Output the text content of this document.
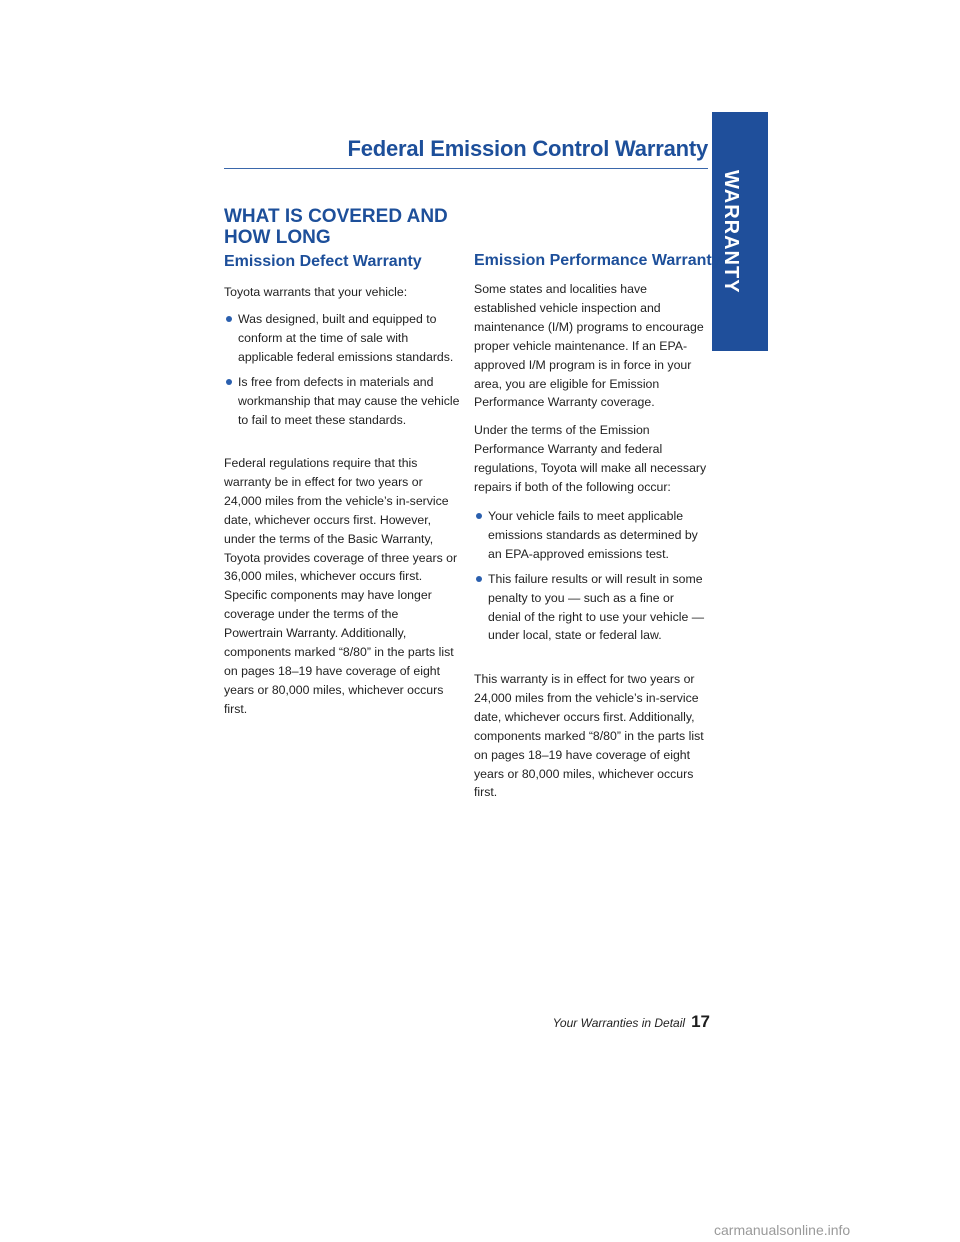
WARRANTY
Federal Emission Control Warranty
WHAT IS COVERED AND HOW LONG
Emission Defect Warranty
Toyota warrants that your vehicle:
Was designed, built and equipped to conform at the time of sale with applicable federal emissions standards.
Is free from defects in materials and workmanship that may cause the vehicle to fail to meet these standards.
Federal regulations require that this warranty be in effect for two years or 24,000 miles from the vehicle’s in-service date, whichever occurs first. However, under the terms of the Basic Warranty, Toyota provides coverage of three years or 36,000 miles, whichever occurs first. Specific components may have longer coverage under the terms of the Powertrain Warranty. Additionally, components marked “8/80” in the parts list on pages 18–19 have coverage of eight years or 80,000 miles, whichever occurs first.
Emission Performance Warranty
Some states and localities have established vehicle inspection and maintenance (I/M) programs to encourage proper vehicle maintenance. If an EPA-approved I/M program is in force in your area, you are eligible for Emission Performance Warranty coverage.
Under the terms of the Emission Performance Warranty and federal regulations, Toyota will make all necessary repairs if both of the following occur:
Your vehicle fails to meet applicable emissions standards as determined by an EPA-approved emissions test.
This failure results or will result in some penalty to you — such as a fine or denial of the right to use your vehicle — under local, state or federal law.
This warranty is in effect for two years or 24,000 miles from the vehicle’s in-service date, whichever occurs first. Additionally, components marked “8/80” in the parts list on pages 18–19 have coverage of eight years or 80,000 miles, whichever occurs first.
Your Warranties in Detail 17
carmanualsonline.info
